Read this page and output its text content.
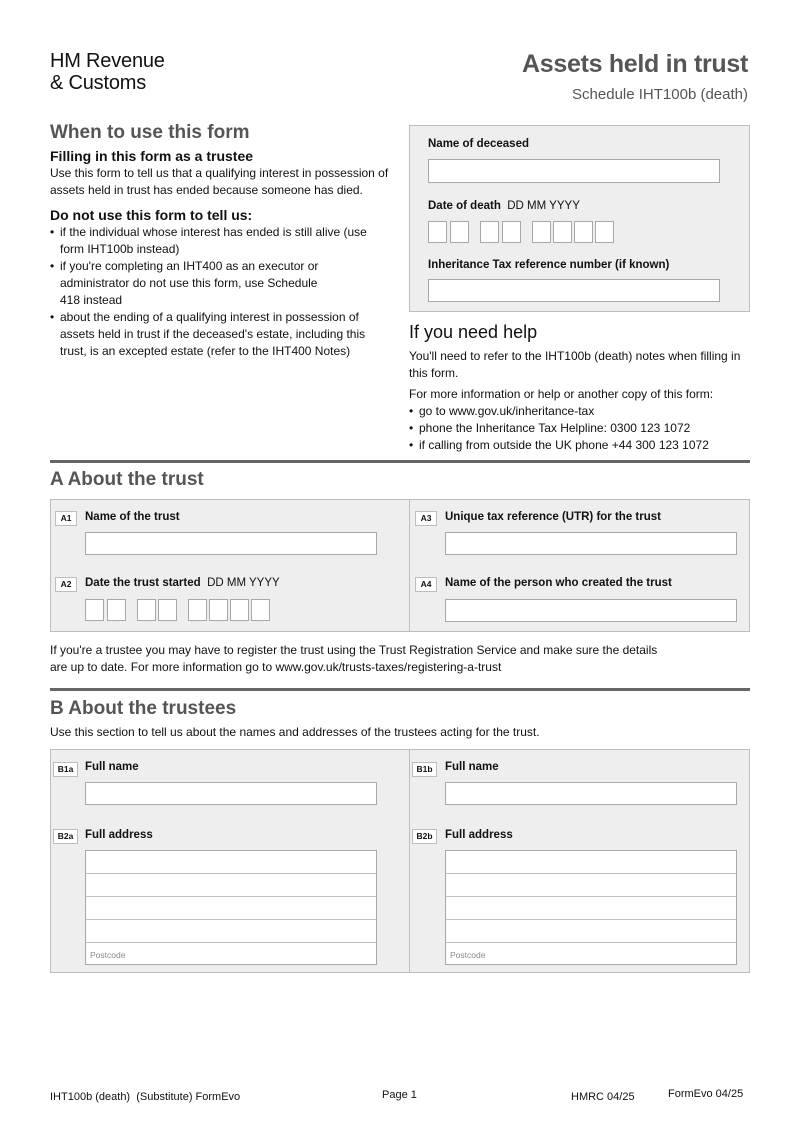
HM Revenue
& Customs
Assets held in trust
Schedule IHT100b (death)
When to use this form
Filling in this form as a trustee
Use this form to tell us that a qualifying interest in possession of assets held in trust has ended because someone has died.
Do not use this form to tell us:
• if the individual whose interest has ended is still alive (use form IHT100b instead)
• if you're completing an IHT400 as an executor or administrator do not use this form, use Schedule 418 instead
• about the ending of a qualifying interest in possession of assets held in trust if the deceased's estate, including this trust, is an excepted estate (refer to the IHT400 Notes)
Name of deceased
Date of death DD MM YYYY
Inheritance Tax reference number (if known)
If you need help
You'll need to refer to the IHT100b (death) notes when filling in this form.
For more information or help or another copy of this form:
• go to www.gov.uk/inheritance-tax
• phone the Inheritance Tax Helpline: 0300 123 1072
• if calling from outside the UK phone +44 300 123 1072
A About the trust
A1	Name of the trust
A2	Date the trust started DD MM YYYY
A3	Unique tax reference (UTR) for the trust
A4	Name of the person who created the trust
If you're a trustee you may have to register the trust using the Trust Registration Service and make sure the details are up to date. For more information go to www.gov.uk/trusts-taxes/registering-a-trust
B About the trustees
Use this section to tell us about the names and addresses of the trustees acting for the trust.
B1a	Full name
B2a	Full address
Postcode
B1b	Full name
B2b	Full address
Postcode
IHT100b (death) (Substitute) FormEvo	Page 1	HMRC 04/25	FormEvo 04/25
